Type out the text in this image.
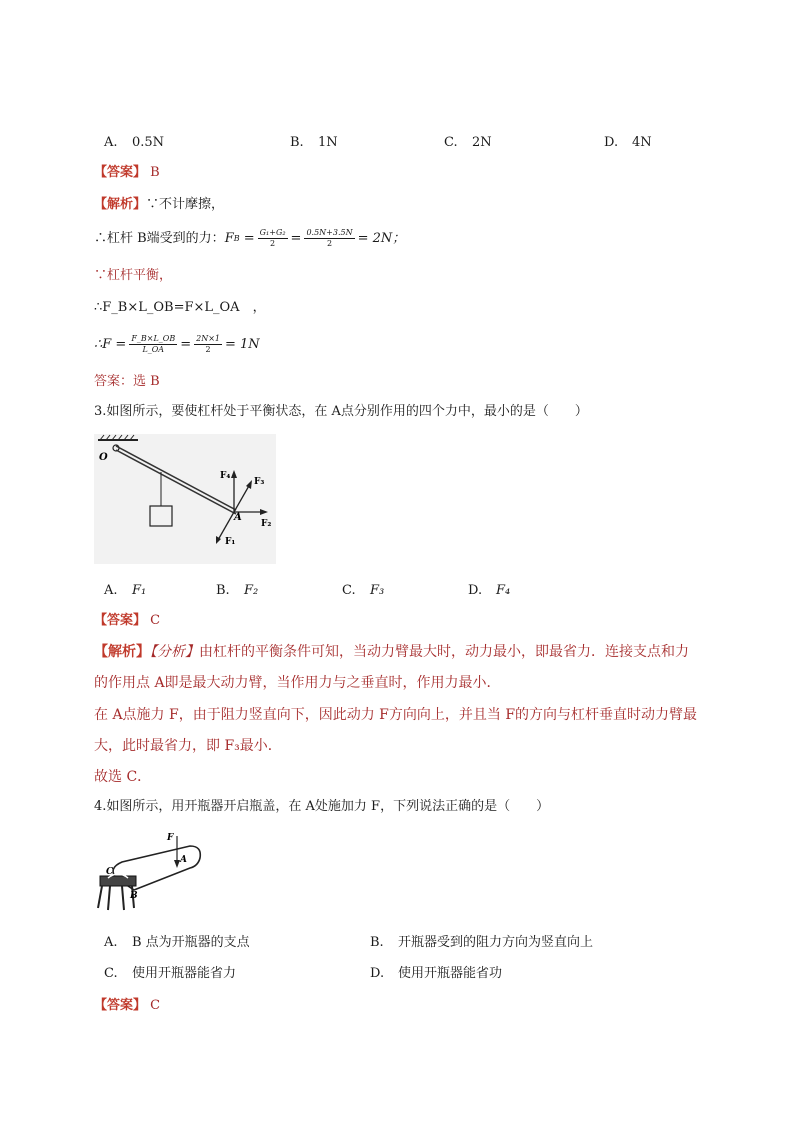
A. 0.5N	B. 1N	C. 2N	D. 4N
【答案】 B
【解析】∵不计摩擦，
∴杠杆 B端受到的力： F $B = \frac{\text{G₁+G₂}}{2} = \frac{0.5N+3.5N}{2} = 2N$；
∵杠杆平衡，
∴F_B×L_OB=F×L_OA　，
∴F = $\frac{F\_B\times L\_OB}{L\_OA} = \frac{2N\times 1}{2} = 1N$
答案：选 B
3.如图所示，要使杠杆处于平衡状态，在 A点分别作用的四个力中，最小的是（　　）
O
A
F₄
F₃
F₂
F₁
A. F₁	B. F₂	C. F₃	D. F₄
【答案】 C
【解析】【分析】由杠杆的平衡条件可知，当动力臂最大时，动力最小，即最省力．连接支点和力
的作用点 A即是最大动力臂，当作用力与之垂直时，作用力最小．
在 A点施力 F，由于阻力竖直向下，因此动力 F方向向上，并且当 F的方向与杠杆垂直时动力臂最
大，此时最省力，即 F₃最小．
故选 C．
4.如图所示，用开瓶器开启瓶盖，在 A处施加力 F，下列说法正确的是（　　）
F
A
C
B
A. B 点为开瓶器的支点	B. 开瓶器受到的阻力方向为竖直向上
C. 使用开瓶器能省力	D. 使用开瓶器能省功
【答案】 C
